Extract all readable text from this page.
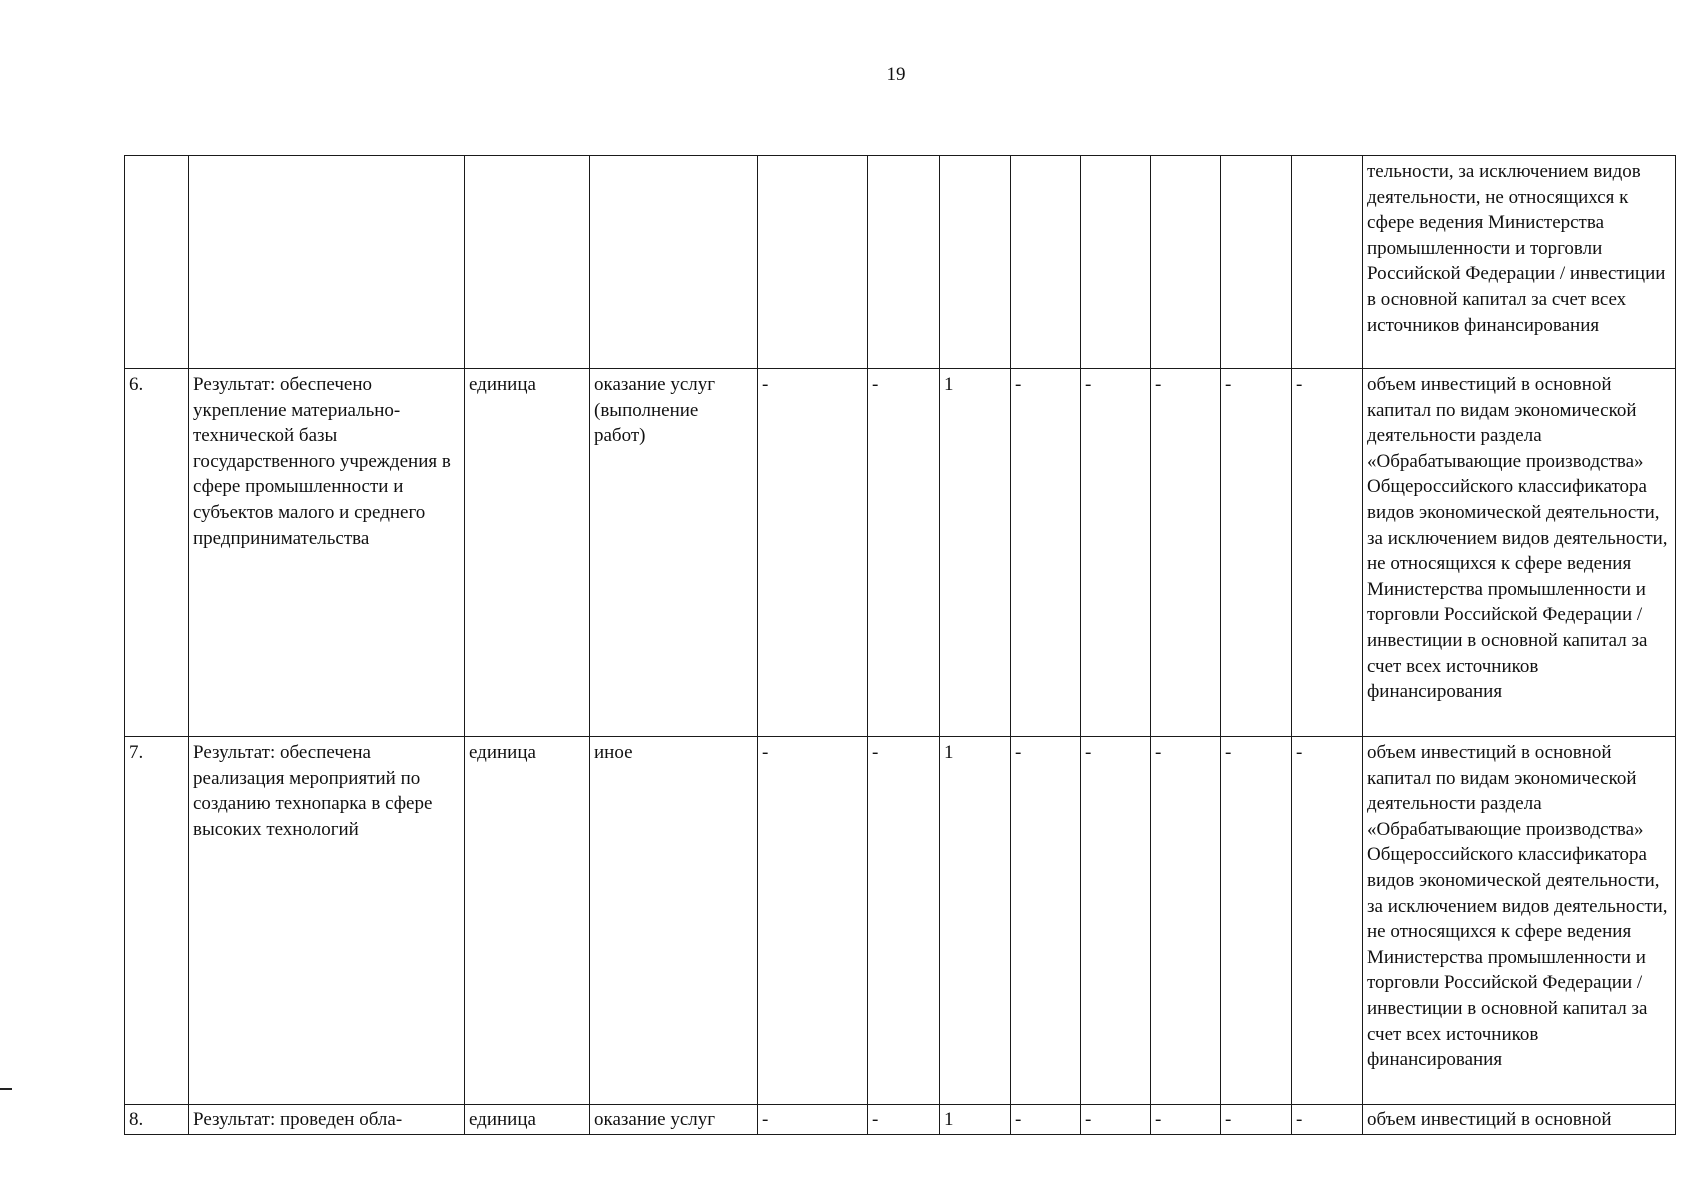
19
												тельности, за исключением видов деятельности, не относящихся к сфере ведения Министерства промышленности и торговли Российской Федерации / инвестиции в основной капитал за счет всех источников финансирования
6.	Результат: обеспечено укрепление материально-технической базы государственного учреждения в сфере промышленности и субъектов малого и среднего предпринимательства	единица	оказание услуг (выполнение работ)	-	-	1	-	-	-	-	-	объем инвестиций в основной капитал по видам экономической деятельности раздела «Обрабатывающие производства» Общероссийского классификатора видов экономической деятельности, за исключением видов деятельности, не относящихся к сфере ведения Министерства промышленности и торговли Российской Федерации / инвестиции в основной капитал за счет всех источников финансирования
7.	Результат: обеспечена реализация мероприятий по созданию технопарка в сфере высоких технологий	единица	иное	-	-	1	-	-	-	-	-	объем инвестиций в основной капитал по видам экономической деятельности раздела «Обрабатывающие производства» Общероссийского классификатора видов экономической деятельности, за исключением видов деятельности, не относящихся к сфере ведения Министерства промышленности и торговли Российской Федерации / инвестиции в основной капитал за счет всех источников финансирования
8.	Результат: проведен обла-	единица	оказание услуг	-	-	1	-	-	-	-	-	объем инвестиций в основной
